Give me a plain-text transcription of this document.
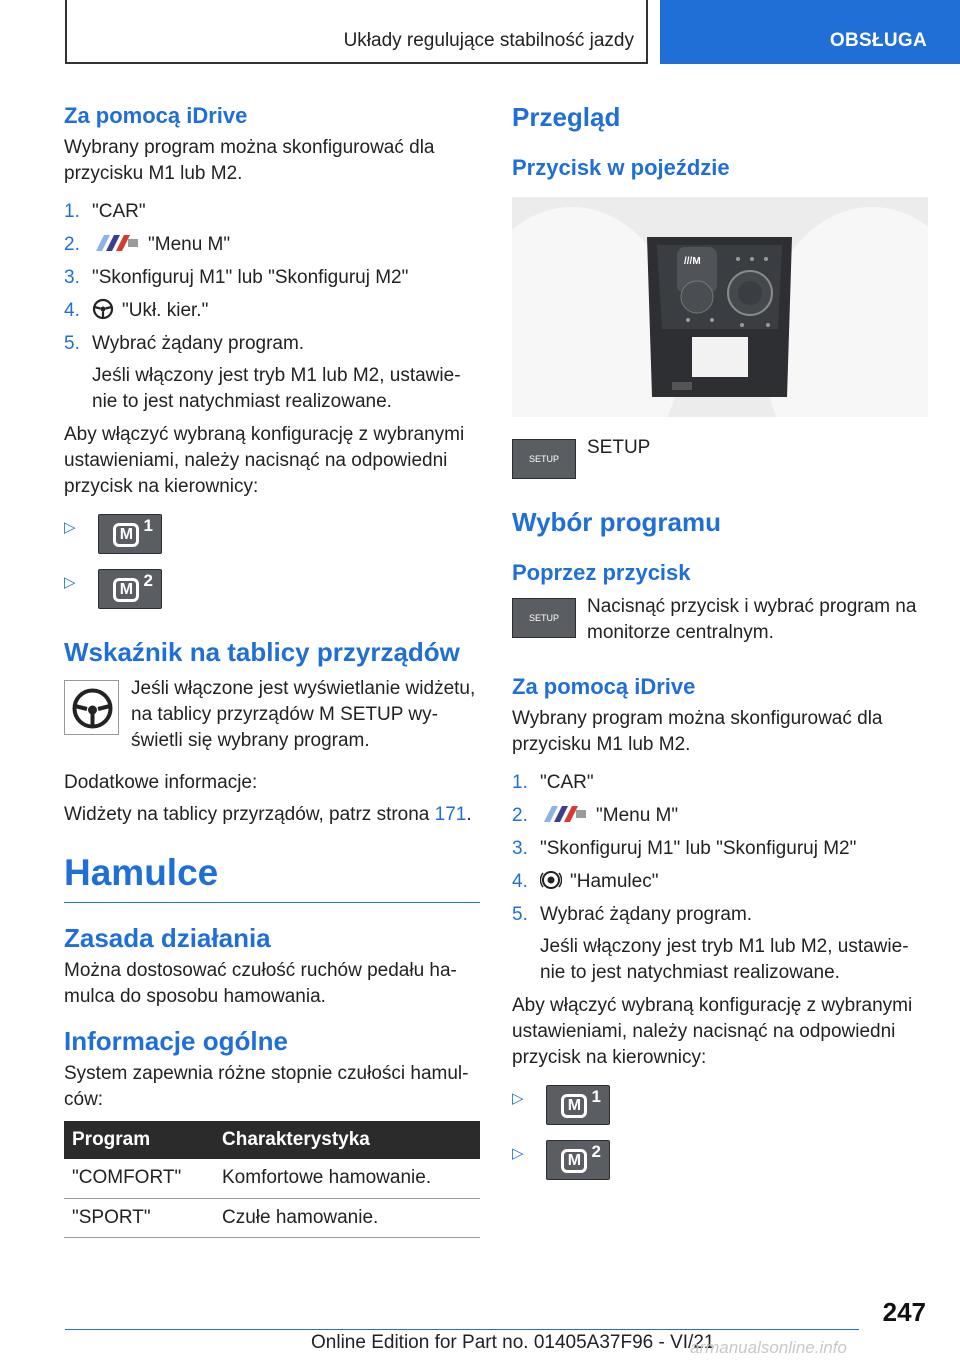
Układy regulujące stabilność jazdy	OBSŁUGA
Za pomocą iDrive
Wybrany program można skonfigurować dla przycisku M1 lub M2.
1. "CAR"
2.	"Menu M"
3. "Skonfiguruj M1" lub "Skonfiguruj M2"
4. "Ukł. kier."
5. Wybrać żądany program.
Jeśli włączony jest tryb M1 lub M2, ustawie-nie to jest natychmiast realizowane.
Aby włączyć wybraną konfigurację z wybranymi ustawieniami, należy nacisnąć na odpowiedni przycisk na kierownicy:
▷	M 1
▷	M 2
Wskaźnik na tablicy przyrządów
Jeśli włączone jest wyświetlanie widżetu, na tablicy przyrządów M SETUP wy-świetli się wybrany program.
Dodatkowe informacje:
Widżety na tablicy przyrządów, patrz strona 171.
Hamulce
Zasada działania
Można dostosować czułość ruchów pedału ha-mulca do sposobu hamowania.
Informacje ogólne
System zapewnia różne stopnie czułości hamul-ców:
Program	Charakterystyka
"COMFORT"	Komfortowe hamowanie.
"SPORT"	Czułe hamowanie.
Przegląd
Przycisk w pojeździe
///M
SETUP
SETUP
Wybór programu
Poprzez przycisk
SETUP
Nacisnąć przycisk i wybrać program na monitorze centralnym.
Za pomocą iDrive
Wybrany program można skonfigurować dla przycisku M1 lub M2.
1. "CAR"
2.	"Menu M"
3. "Skonfiguruj M1" lub "Skonfiguruj M2"
4. "Hamulec"
5. Wybrać żądany program.
Jeśli włączony jest tryb M1 lub M2, ustawie-nie to jest natychmiast realizowane.
Aby włączyć wybraną konfigurację z wybranymi ustawieniami, należy nacisnąć na odpowiedni przycisk na kierownicy:
▷	M 1
▷	M 2
247
Online Edition for Part no. 01405A37F96 - VI/21
armanualsonline.info
